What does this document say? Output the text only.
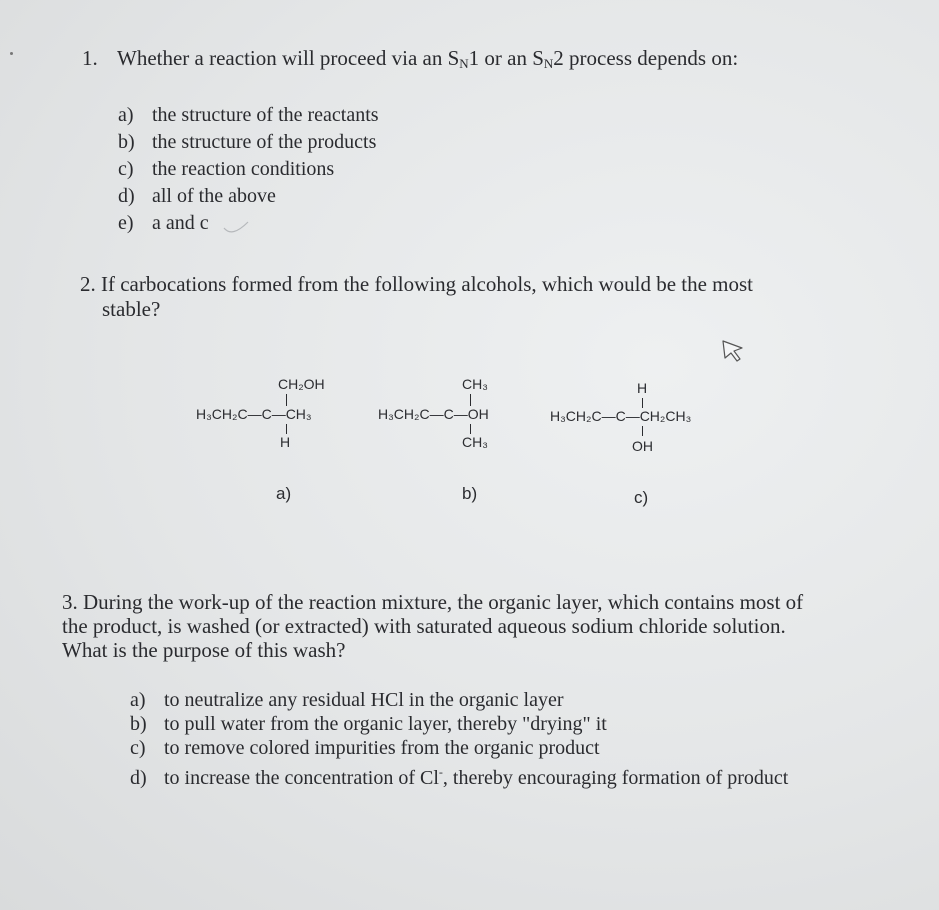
1. Whether a reaction will proceed via an $S_N1$ or an $S_N2$ process depends on:
a) the structure of the reactants
b) the structure of the products
c) the reaction conditions
d) all of the above
e) a and c
2. If carbocations formed from the following alcohols, which would be the most
stable?
CH₂OH
H₃CH₂C—C—CH₃
H
a)
CH₃
H₃CH₂C—C—OH
CH₃
b)
H
H₃CH₂C—C—CH₂CH₃
OH
c)
3. During the work-up of the reaction mixture, the organic layer, which contains most of
the product, is washed (or extracted) with saturated aqueous sodium chloride solution.
What is the purpose of this wash?
a) to neutralize any residual HCl in the organic layer
b) to pull water from the organic layer, thereby "drying" it
c) to remove colored impurities from the organic product
d) to increase the concentration of Cl-, thereby encouraging formation of product
